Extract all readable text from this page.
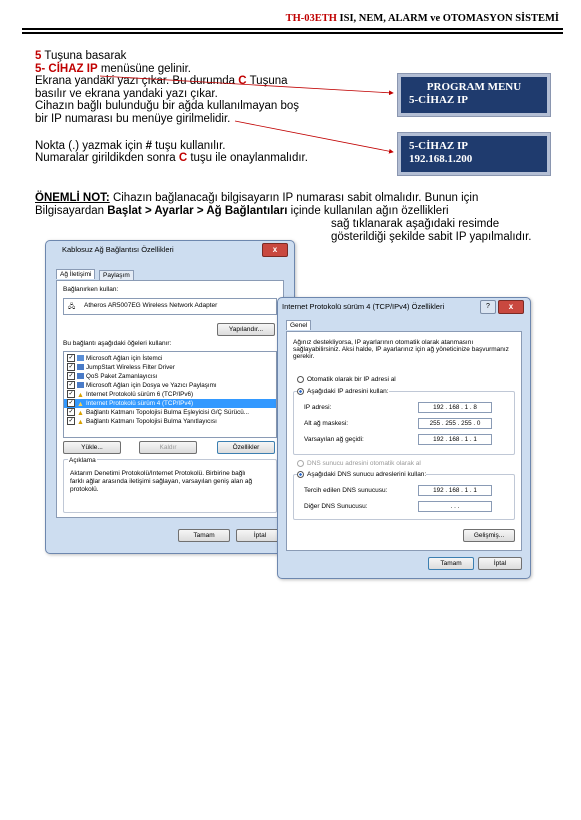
TH-03ETH ISI, NEM, ALARM ve OTOMASYON SİSTEMİ
5 Tuşuna basarak
5- CİHAZ IP menüsüne gelinir.
Ekrana yandaki yazı çıkar. Bu durumda C Tuşuna
basılır ve ekrana yandaki yazı çıkar.
Cihazın bağlı bulunduğu bir ağda kullanılmayan boş
bir IP numarası bu menüye girilmelidir.
Nokta (.) yazmak için # tuşu kullanılır.
Numaralar girildikden sonra C tuşu ile onaylanmalıdır.
PROGRAM MENU
5-CİHAZ IP
5-CİHAZ IP
192.168.1.200
ÖNEMLİ NOT: Cihazın bağlanacağı bilgisayarın IP numarası sabit olmalıdır. Bunun için
Bilgisayardan Başlat > Ayarlar > Ağ Bağlantıları içinde kullanılan ağın özellikleri
sağ tıklanarak aşağıdaki resimde
gösterildiği şekilde sabit IP yapılmalıdır.
Kablosuz Ağ Bağlantısı Özellikleri	x
Ağ İletişimi	Paylaşım
Bağlanırken kullan:
🖧 Atheros AR5007EG Wireless Network Adapter
Yapılandır...
Bu bağlantı aşağıdaki öğeleri kullanır:
✓ Microsoft Ağları için İstemci
✓ JumpStart Wireless Filter Driver
✓ QoS Paket Zamanlayıcısı
✓ Microsoft Ağları için Dosya ve Yazıcı Paylaşımı
✓ ▲ Internet Protokolü sürüm 6 (TCP/IPv6)
✓ ▲ Internet Protokolü sürüm 4 (TCP/IPv4)
✓ ▲ Bağlantı Katmanı Topolojisi Bulma Eşleyicisi G/Ç Sürücü...
✓ ▲ Bağlantı Katmanı Topolojisi Bulma Yanıtlayıcısı
Yükle...	Kaldır	Özellikler
Açıklama
Aktarım Denetimi Protokolü/Internet Protokolü. Birbirine bağlı
farklı ağlar arasında iletişimi sağlayan, varsayılan geniş alan ağ
protokolü.
Tamam	İptal
Internet Protokolü sürüm 4 (TCP/IPv4) Özellikleri	?	x
Genel
Ağınız destekliyorsa, IP ayarlarının otomatik olarak atanmasını
sağlayabilirsiniz. Aksi halde, IP ayarlarınız için ağ yöneticinize başvurmanız
gerekir.
Otomatik olarak bir IP adresi al
Aşağıdaki IP adresini kullan:
IP adresi:	192 . 168 . 1 . 8
Alt ağ maskesi:	255 . 255 . 255 . 0
Varsayılan ağ geçidi:	192 . 168 . 1 . 1
DNS sunucu adresini otomatik olarak al
Aşağıdaki DNS sunucu adreslerini kullan:
Tercih edilen DNS sunucusu:	192 . 168 . 1 . 1
Diğer DNS Sunucusu:	. . .
Gelişmiş...
Tamam	İptal
